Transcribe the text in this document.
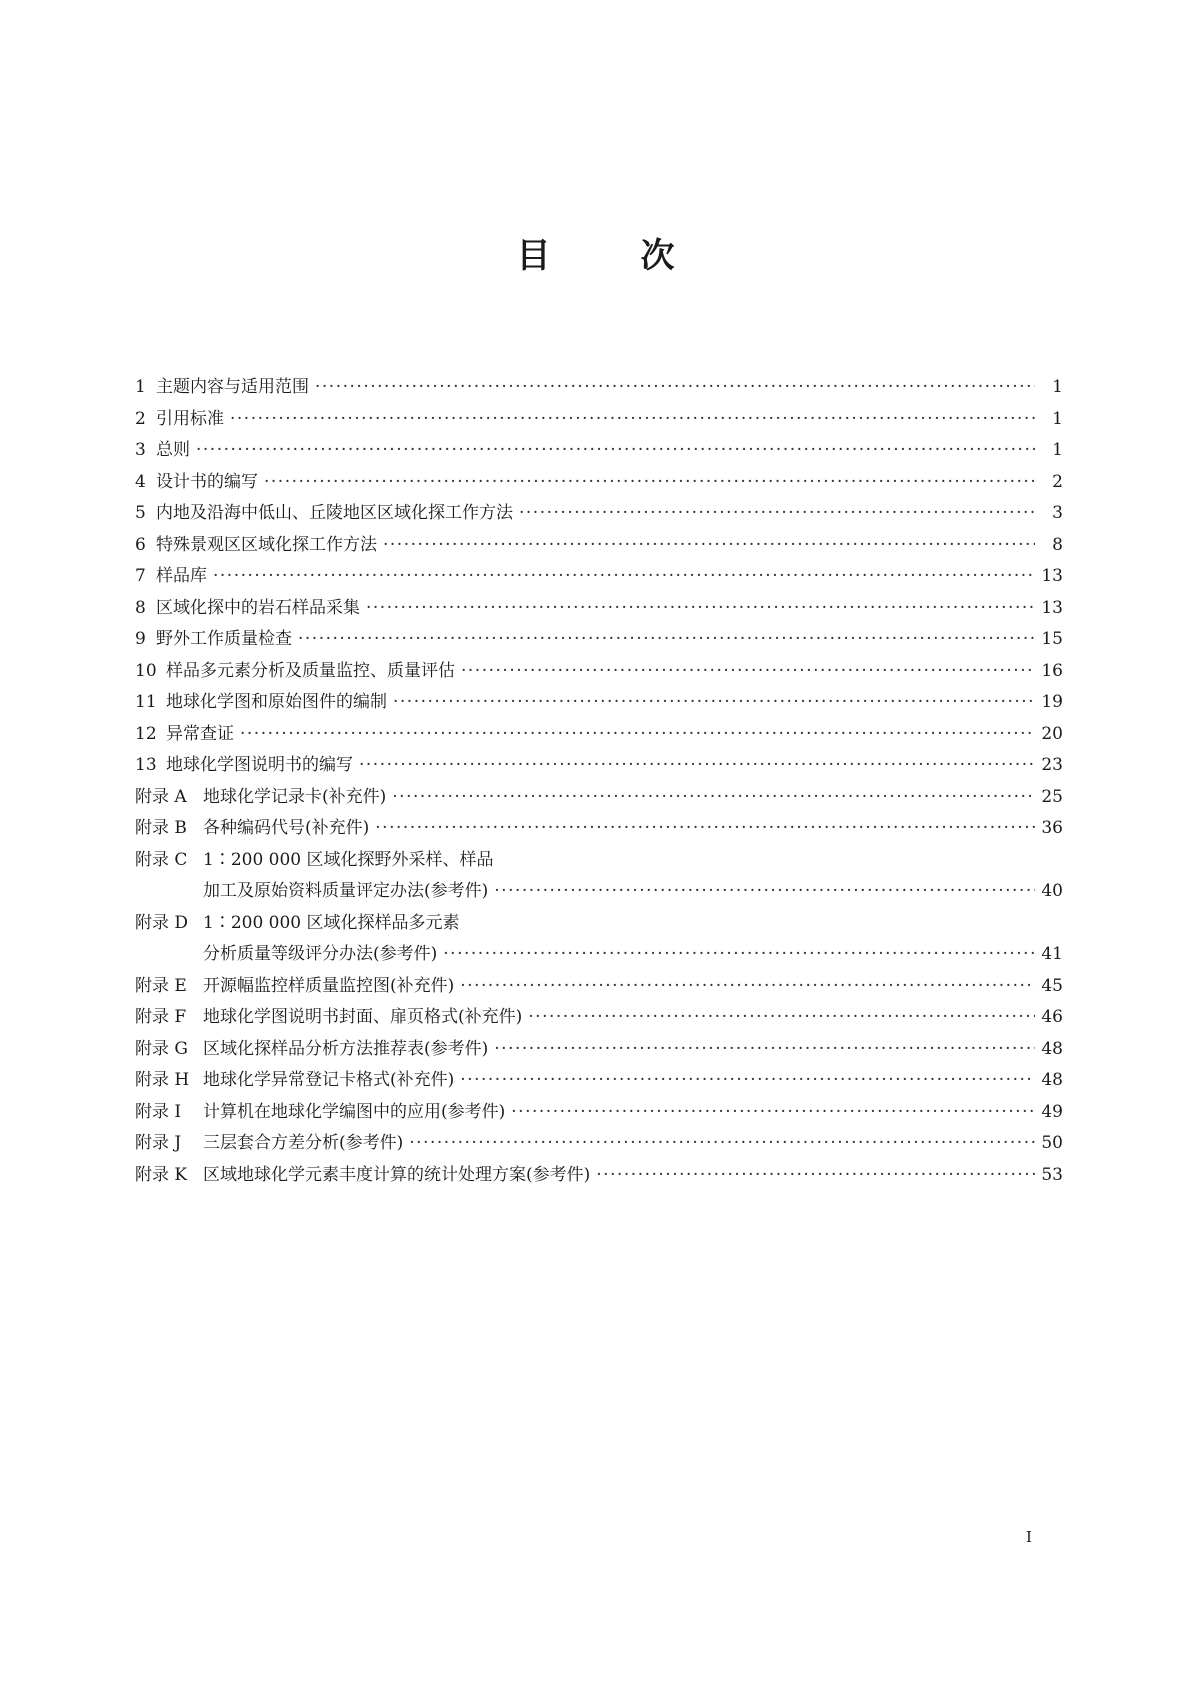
目	次
1 主题内容与适用范围 ·····	1
2 引用标准 ·····	1
3 总则 ·····	1
4 设计书的编写 ·····	2
5 内地及沿海中低山、丘陵地区区域化探工作方法 ·····	3
6 特殊景观区区域化探工作方法 ·····	8
7 样品库 ·····	13
8 区域化探中的岩石样品采集 ·····	13
9 野外工作质量检查 ·····	15
10 样品多元素分析及质量监控、质量评估 ·····	16
11 地球化学图和原始图件的编制 ·····	19
12 异常查证 ·····	20
13 地球化学图说明书的编写 ·····	23
附录 A 地球化学记录卡(补充件) ·····	25
附录 B 各种编码代号(补充件) ·····	36
附录 C 1∶200 000 区域化探野外采样、样品
加工及原始资料质量评定办法(参考件) ·····	40
附录 D 1∶200 000 区域化探样品多元素
分析质量等级评分办法(参考件) ·····	41
附录 E 开源幅监控样质量监控图(补充件) ·····	45
附录 F 地球化学图说明书封面、扉页格式(补充件) ·····	46
附录 G 区域化探样品分析方法推荐表(参考件) ·····	48
附录 H 地球化学异常登记卡格式(补充件) ·····	48
附录 I 计算机在地球化学编图中的应用(参考件) ·····	49
附录 J 三层套合方差分析(参考件) ·····	50
附录 K 区域地球化学元素丰度计算的统计处理方案(参考件) ·····	53
I
